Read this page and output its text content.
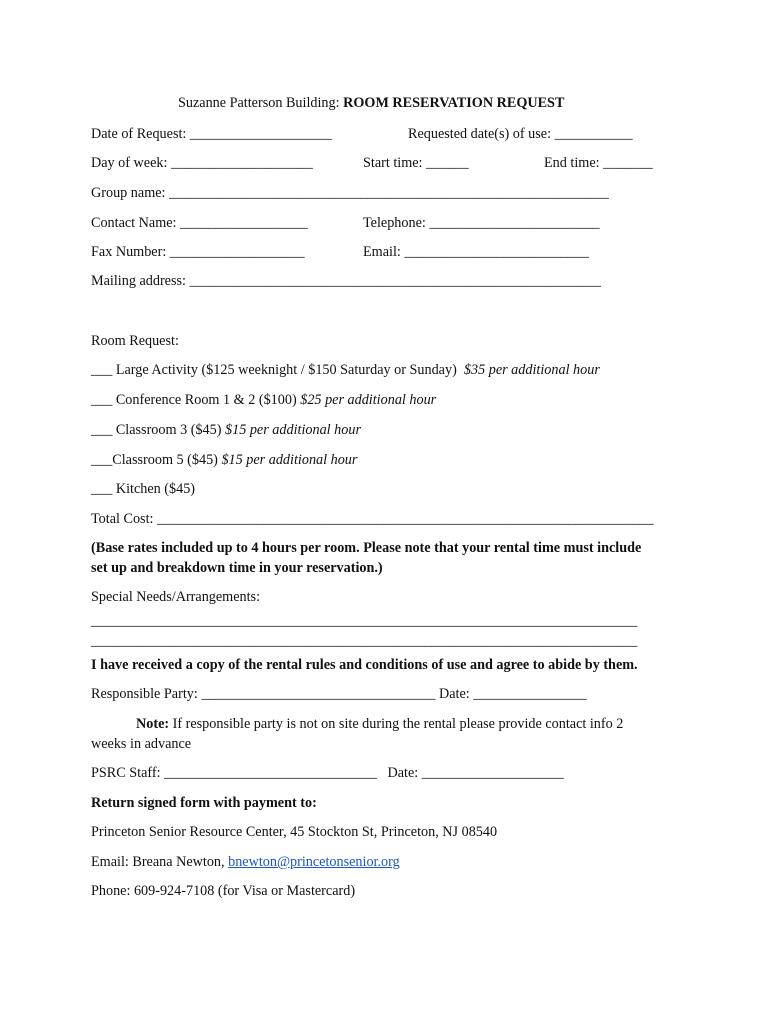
Suzanne Patterson Building: ROOM RESERVATION REQUEST
Date of Request: ____________________	Requested date(s) of use: ___________
Day of week: ____________________	Start time: ______	End time: _______
Group name: ______________________________________________________________
Contact Name: __________________	Telephone: ________________________
Fax Number: ___________________	Email: __________________________
Mailing address: __________________________________________________________
Room Request:
___ Large Activity ($125 weeknight / $150 Saturday or Sunday)  $35 per additional hour
___ Conference Room 1 & 2 ($100) $25 per additional hour
___ Classroom 3 ($45) $15 per additional hour
___Classroom 5 ($45) $15 per additional hour
___ Kitchen ($45)
Total Cost: ______________________________________________________________________
(Base rates included up to 4 hours per room. Please note that your rental time must include
set up and breakdown time in your reservation.)
Special Needs/Arrangements:
_____________________________________________________________________________
_____________________________________________________________________________
I have received a copy of the rental rules and conditions of use and agree to abide by them.
Responsible Party: _________________________________ Date: ________________
Note: If responsible party is not on site during the rental please provide contact info 2
weeks in advance
PSRC Staff: ______________________________   Date: ____________________
Return signed form with payment to:
Princeton Senior Resource Center, 45 Stockton St, Princeton, NJ 08540
Email: Breana Newton, bnewton@princetonsenior.org
Phone: 609-924-7108 (for Visa or Mastercard)
